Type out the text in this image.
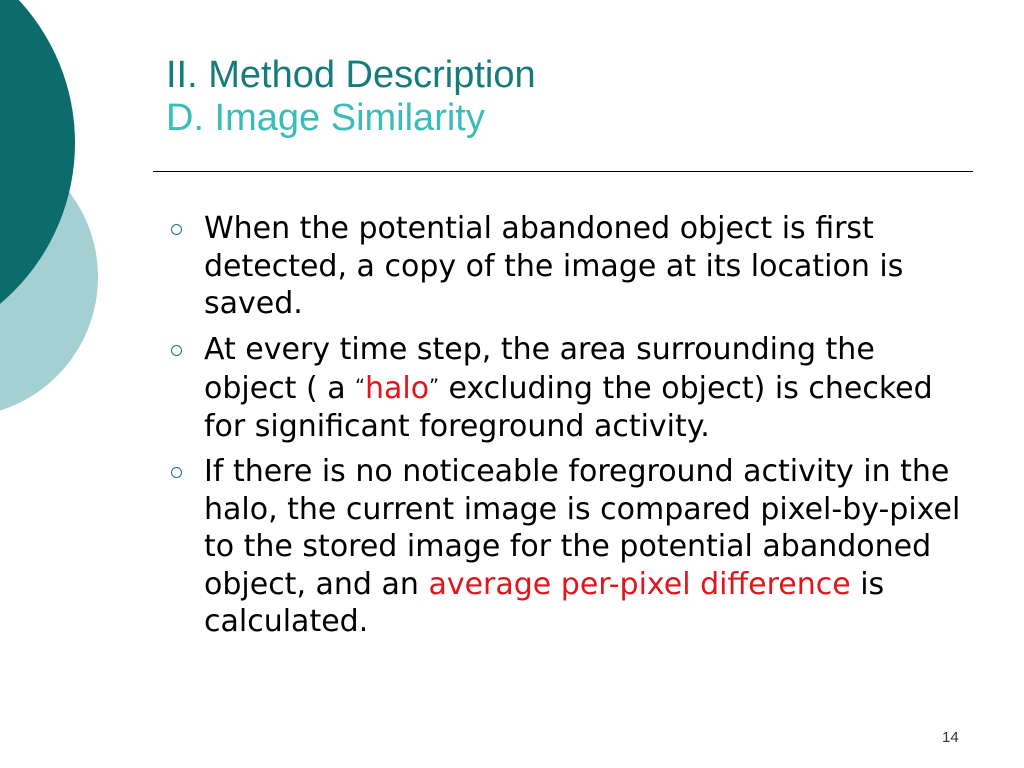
II. Method Description
D. Image Similarity
When the potential abandoned object is first detected, a copy of the image at its location is saved.
At every time step, the area surrounding the object ( a “halo” excluding the object) is checked for significant foreground activity.
If there is no noticeable foreground activity in the halo, the current image is compared pixel-by-pixel to the stored image for the potential abandoned object, and an average per-pixel difference is calculated.
14
